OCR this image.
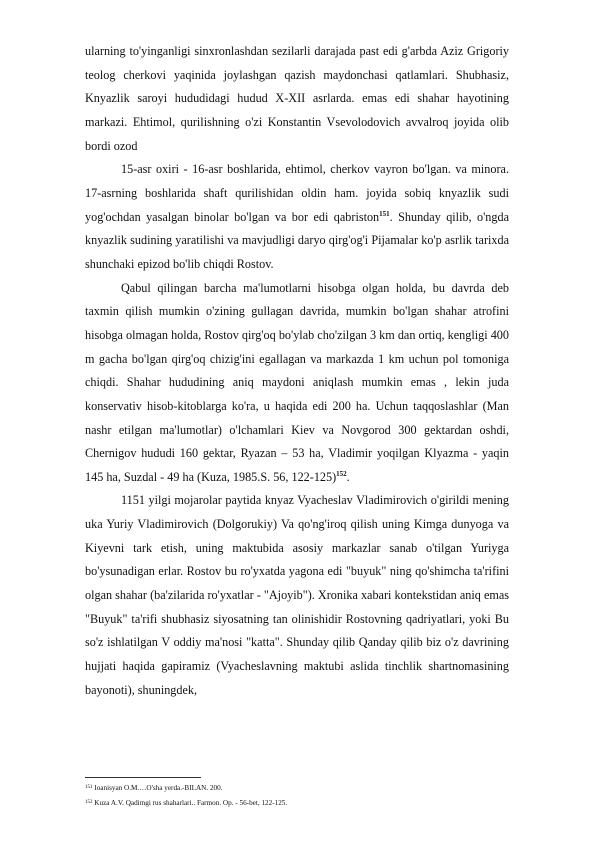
ularning to'yinganligi sinxronlashdan sezilarli darajada past edi g'arbda Aziz Grigoriy teolog cherkovi yaqinida joylashgan qazish maydonchasi qatlamlari. Shubhasiz, Knyazlik saroyi hududidagi hudud X-XII asrlarda. emas edi shahar hayotining markazi. Ehtimol, qurilishning o'zi Konstantin Vsevolodovich avvalroq joyida olib bordi ozod

15-asr oxiri - 16-asr boshlarida, ehtimol, cherkov vayron bo'lgan. va minora. 17-asrning boshlarida shaft qurilishidan oldin ham. joyida sobiq knyazlik sudi yog'ochdan yasalgan binolar bo'lgan va bor edi qabriston$^{151}$. Shunday qilib, o'ngda knyazlik sudining yaratilishi va mavjudligi daryo qirg'og'i Pijamalar ko'p asrlik tarixda shunchaki epizod bo'lib chiqdi Rostov.

Qabul qilingan barcha ma'lumotlarni hisobga olgan holda, bu davrda deb taxmin qilish mumkin o'zining gullagan davrida, mumkin bo'lgan shahar atrofini hisobga olmagan holda, Rostov qirg'oq bo'ylab cho'zilgan 3 km dan ortiq, kengligi 400 m gacha bo'lgan qirg'oq chizig'ini egallagan va markazda 1 km uchun pol tomoniga chiqdi. Shahar hududining aniq maydoni aniqlash mumkin emas , lekin juda konservativ hisob-kitoblarga ko'ra, u haqida edi 200 ha. Uchun taqqoslashlar (Man nashr etilgan ma'lumotlar) o'lchamlari Kiev va Novgorod 300 gektardan oshdi, Chernigov hududi 160 gektar, Ryazan – 53 ha, Vladimir yoqilgan Klyazma - yaqin 145 ha, Suzdal - 49 ha (Kuza, 1985.S. 56, 122-125)$^{152}$.

1151 yilgi mojarolar paytida knyaz Vyacheslav Vladimirovich o'girildi mening uka Yuriy Vladimirovich (Dolgorukiy) Va qo'ng'iroq qilish uning Kimga dunyoga va Kiyevni tark etish, uning maktubida asosiy markazlar sanab o'tilgan Yuriyga bo'ysunadigan erlar. Rostov bu ro'yxatda yagona edi "buyuk" ning qo'shimcha ta'rifini olgan shahar (ba'zilarida ro'yxatlar - "Ajoyib"). Xronika xabari kontekstidan aniq emas "Buyuk" ta'rifi shubhasiz siyosatning tan olinishidir Rostovning qadriyatlari, yoki Bu so'z ishlatilgan V oddiy ma'nosi "katta". Shunday qilib Qanday qilib biz o'z davrining hujjati haqida gapiramiz (Vyacheslavning maktubi aslida tinchlik shartnomasining bayonoti), shuningdek,

$^{151}$ Ioanisyan O.M.…O'sha yerda.-BILAN. 200.
$^{152}$ Kuza A.V. Qadimgi rus shaharlari.. Farmon. Op. - 56-bet, 122-125.
